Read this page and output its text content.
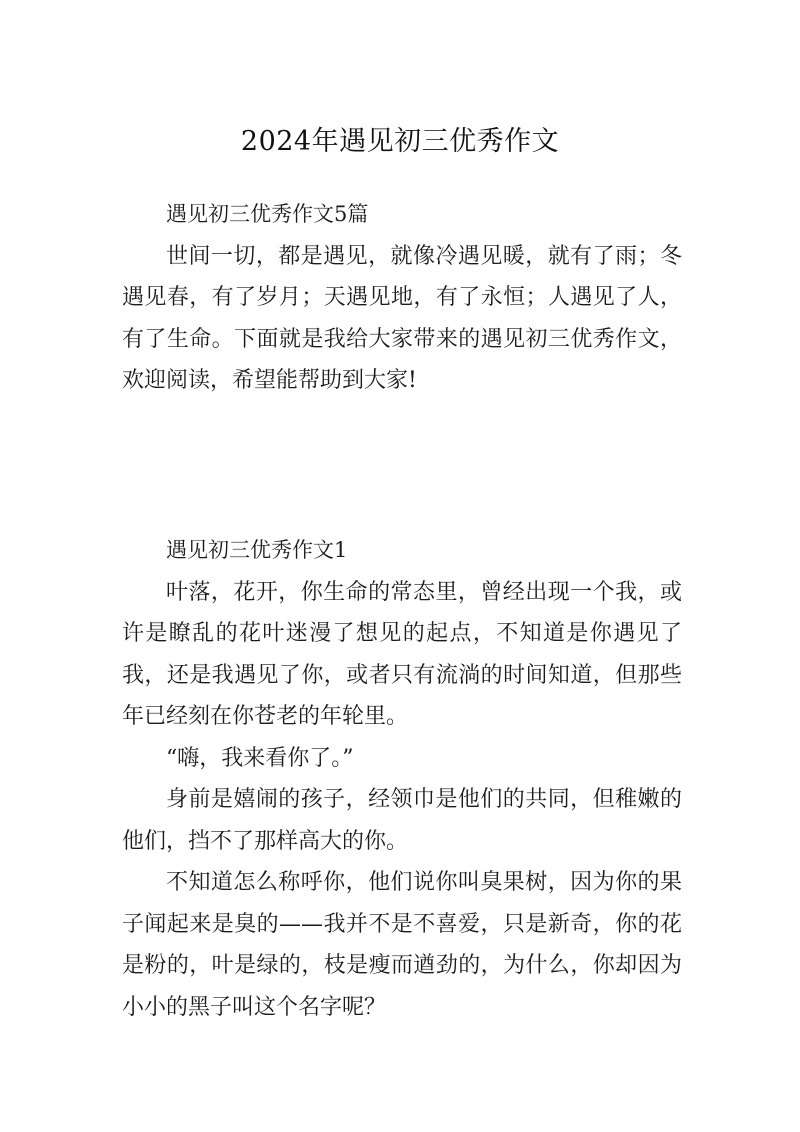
2024年遇见初三优秀作文

遇见初三优秀作文5篇

世间一切，都是遇见，就像冷遇见暖，就有了雨；冬遇见春，有了岁月；天遇见地，有了永恒；人遇见了人，有了生命。下面就是我给大家带来的遇见初三优秀作文，欢迎阅读，希望能帮助到大家!

遇见初三优秀作文1

叶落，花开，你生命的常态里，曾经出现一个我，或许是瞭乱的花叶迷漫了想见的起点，不知道是你遇见了我，还是我遇见了你，或者只有流淌的时间知道，但那些年已经刻在你苍老的年轮里。

“嗨，我来看你了。”

身前是嬉闹的孩子，经领巾是他们的共同，但稚嫩的他们，挡不了那样高大的你。

不知道怎么称呼你，他们说你叫臭果树，因为你的果子闻起来是臭的——我并不是不喜爱，只是新奇，你的花是粉的，叶是绿的，枝是瘦而遒劲的，为什么，你却因为小小的黑子叫这个名字呢？
